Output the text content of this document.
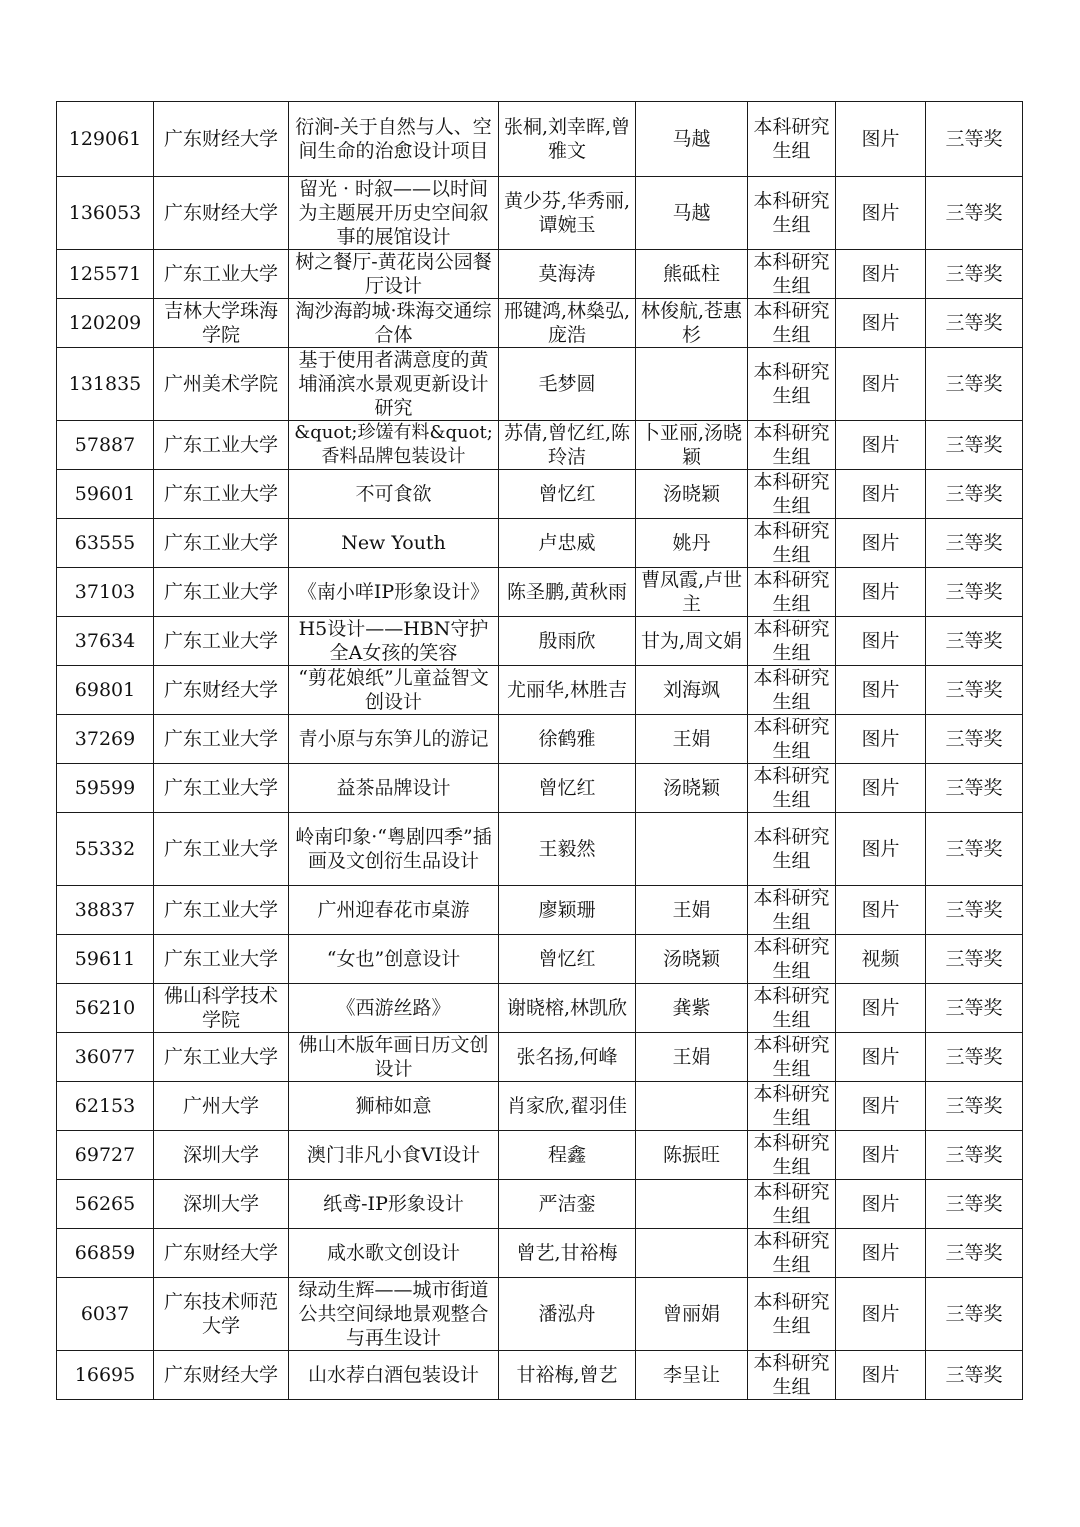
129061	广东财经大学	衍涧-关于自然与人、空间生命的治愈设计项目	张桐,刘幸晖,曾雅文	马越	本科研究生组	图片	三等奖
136053	广东财经大学	留光 · 时叙——以时间为主题展开历史空间叙事的展馆设计	黄少芬,华秀丽,谭婉玉	马越	本科研究生组	图片	三等奖
125571	广东工业大学	树之餐厅-黄花岗公园餐厅设计	莫海涛	熊砥柱	本科研究生组	图片	三等奖
120209	吉林大学珠海学院	淘沙海韵城·珠海交通综合体	邢键鸿,林燊弘,庞浩	林俊航,苍惠杉	本科研究生组	图片	三等奖
131835	广州美术学院	基于使用者满意度的黄埔涌滨水景观更新设计研究	毛梦圆		本科研究生组	图片	三等奖
57887	广东工业大学	&quot;珍馐有料&quot;香料品牌包装设计	苏倩,曾忆红,陈玲洁	卜亚丽,汤晓颖	本科研究生组	图片	三等奖
59601	广东工业大学	不可食欲	曾忆红	汤晓颖	本科研究生组	图片	三等奖
63555	广东工业大学	New Youth	卢忠威	姚丹	本科研究生组	图片	三等奖
37103	广东工业大学	《南小咩IP形象设计》	陈圣鹏,黄秋雨	曹凤霞,卢世主	本科研究生组	图片	三等奖
37634	广东工业大学	H5设计——HBN守护全A女孩的笑容	殷雨欣	甘为,周文娟	本科研究生组	图片	三等奖
69801	广东财经大学	“剪花娘纸”儿童益智文创设计	尤丽华,林胜吉	刘海飒	本科研究生组	图片	三等奖
37269	广东工业大学	青小原与东笋儿的游记	徐鹤雅	王娟	本科研究生组	图片	三等奖
59599	广东工业大学	益茶品牌设计	曾忆红	汤晓颖	本科研究生组	图片	三等奖
55332	广东工业大学	岭南印象·“粤剧四季”插画及文创衍生品设计	王毅然		本科研究生组	图片	三等奖
38837	广东工业大学	广州迎春花市桌游	廖颖珊	王娟	本科研究生组	图片	三等奖
59611	广东工业大学	“女也”创意设计	曾忆红	汤晓颖	本科研究生组	视频	三等奖
56210	佛山科学技术学院	《西游丝路》	谢晓榕,林凯欣	龚紫	本科研究生组	图片	三等奖
36077	广东工业大学	佛山木版年画日历文创设计	张名扬,何峰	王娟	本科研究生组	图片	三等奖
62153	广州大学	狮柿如意	肖家欣,翟羽佳		本科研究生组	图片	三等奖
69727	深圳大学	澳门非凡小食VI设计	程鑫	陈振旺	本科研究生组	图片	三等奖
56265	深圳大学	纸鸢-IP形象设计	严洁銮		本科研究生组	图片	三等奖
66859	广东财经大学	咸水歌文创设计	曾艺,甘裕梅		本科研究生组	图片	三等奖
6037	广东技术师范大学	绿动生辉——城市街道公共空间绿地景观整合与再生设计	潘泓舟	曾丽娟	本科研究生组	图片	三等奖
16695	广东财经大学	山水荐白酒包装设计	甘裕梅,曾艺	李呈让	本科研究生组	图片	三等奖
